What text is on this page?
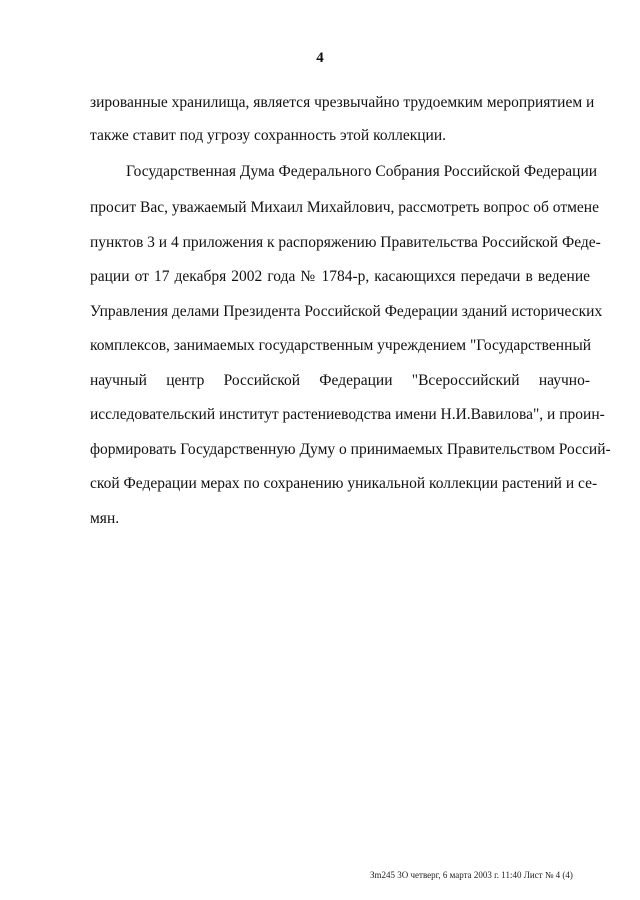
4
зированные хранилища, является чрезвычайно трудоемким мероприятием и
также ставит под угрозу сохранность этой коллекции.
Государственная Дума Федерального Собрания Российской Федерации
просит Вас, уважаемый Михаил Михайлович, рассмотреть вопрос об отмене
пунктов 3 и 4 приложения к распоряжению Правительства Российской Феде-
рации от 17 декабря 2002 года № 1784-р, касающихся передачи в ведение
Управления делами Президента Российской Федерации зданий исторических
комплексов, занимаемых государственным учреждением "Государственный
научный центр Российской Федерации "Всероссийский научно-
исследовательский институт растениеводства имени Н.И.Вавилова", и проин-
формировать Государственную Думу о принимаемых Правительством Россий-
ской Федерации мерах по сохранению уникальной коллекции растений и се-
мян.
Зm245 3О четверг, 6 марта 2003 г. 11:40 Лист № 4 (4)
